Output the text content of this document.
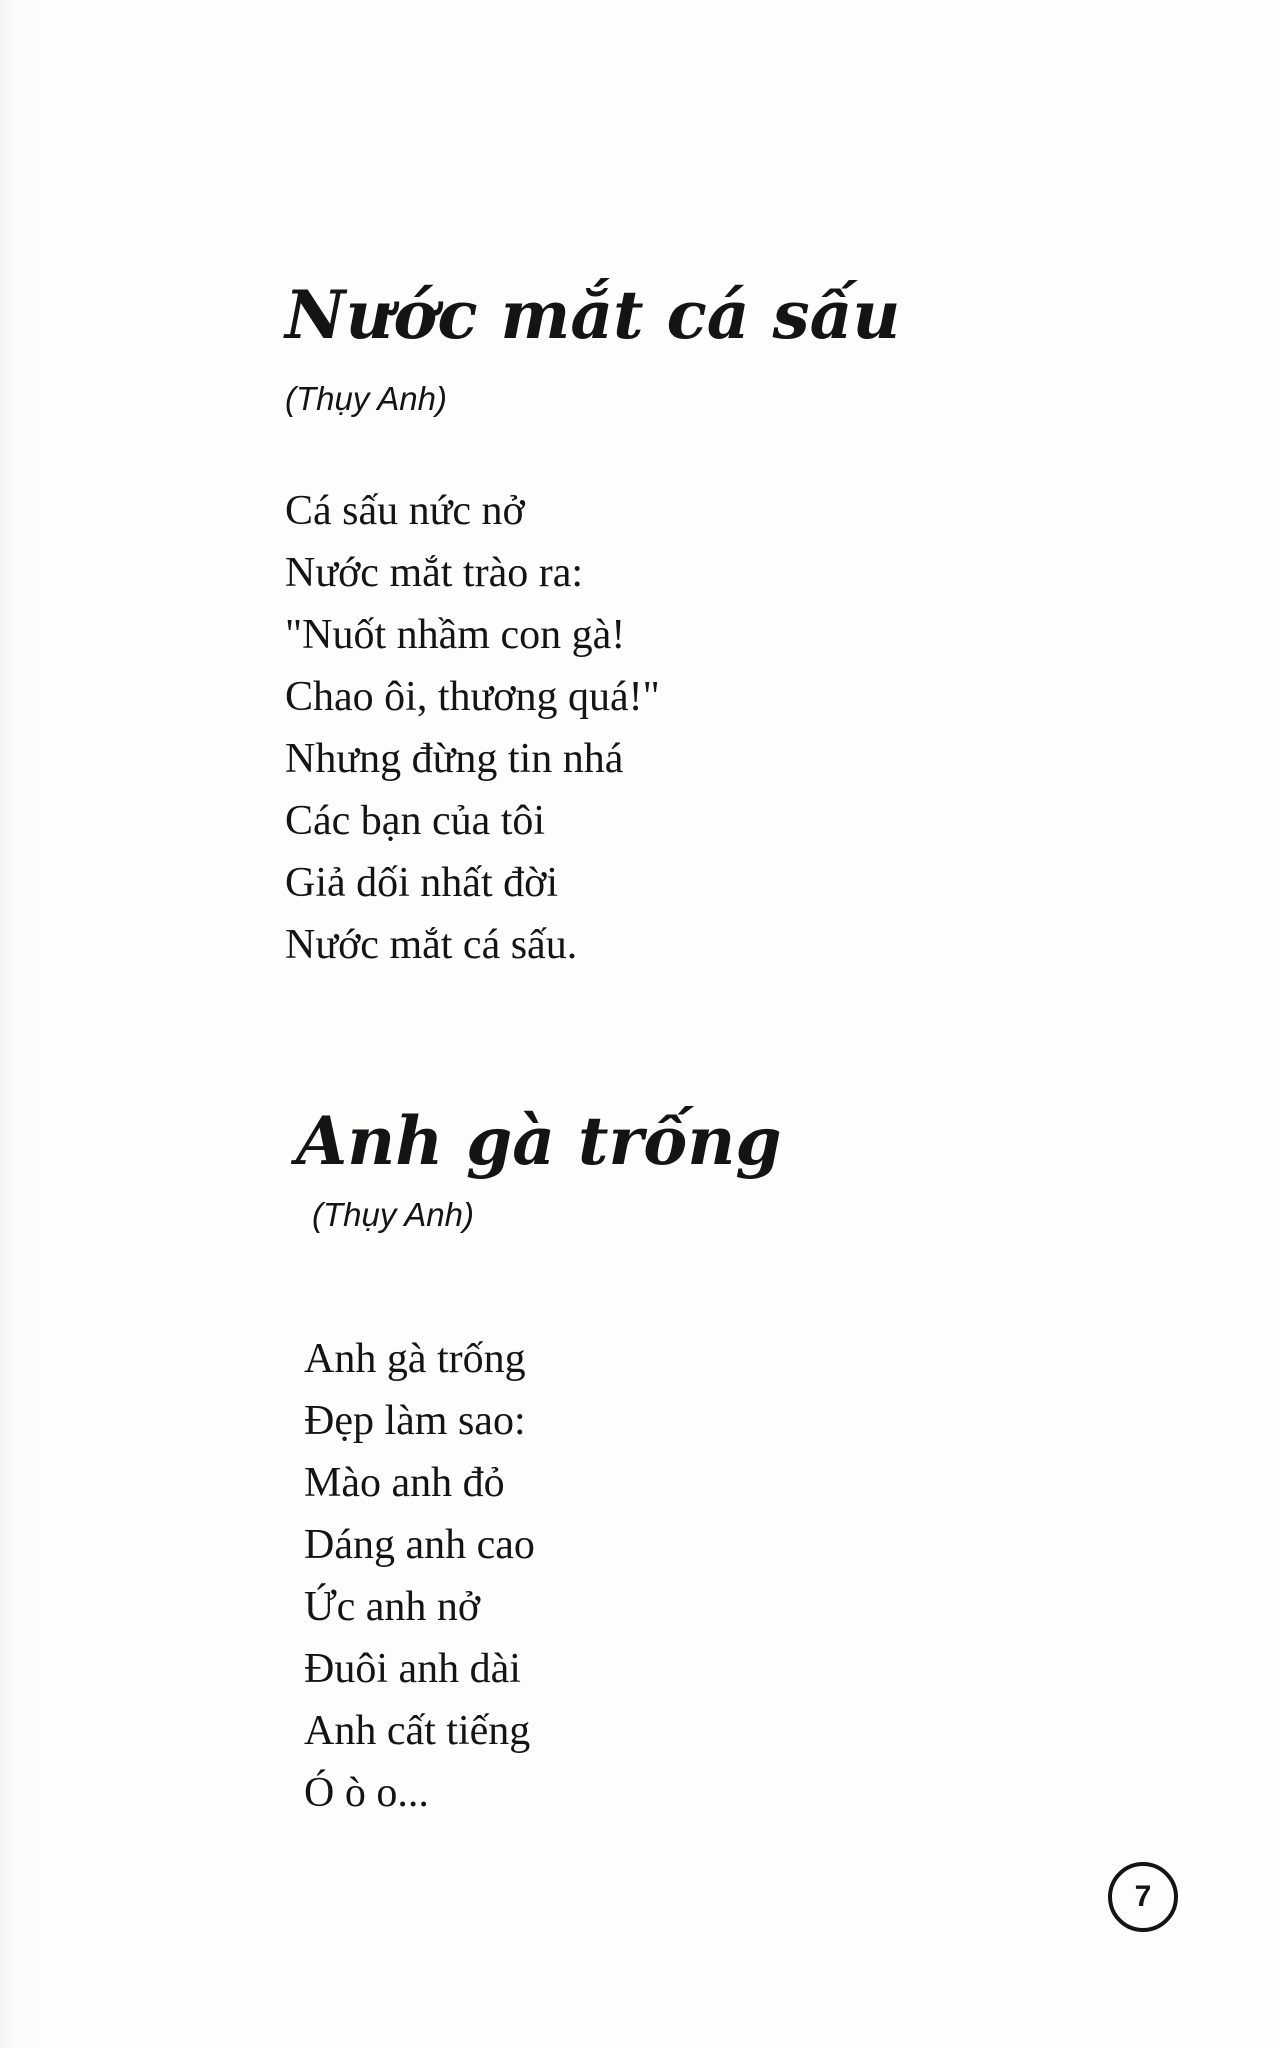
Nước mắt cá sấu

(Thụy Anh)

Cá sấu nức nở
Nước mắt trào ra:
"Nuốt nhầm con gà!
Chao ôi, thương quá!"
Nhưng đừng tin nhá
Các bạn của tôi
Giả dối nhất đời
Nước mắt cá sấu.
Anh gà trống

(Thụy Anh)

Anh gà trống
Đẹp làm sao:
Mào anh đỏ
Dáng anh cao
Ức anh nở
Đuôi anh dài
Anh cất tiếng
Ó ò o...
7
